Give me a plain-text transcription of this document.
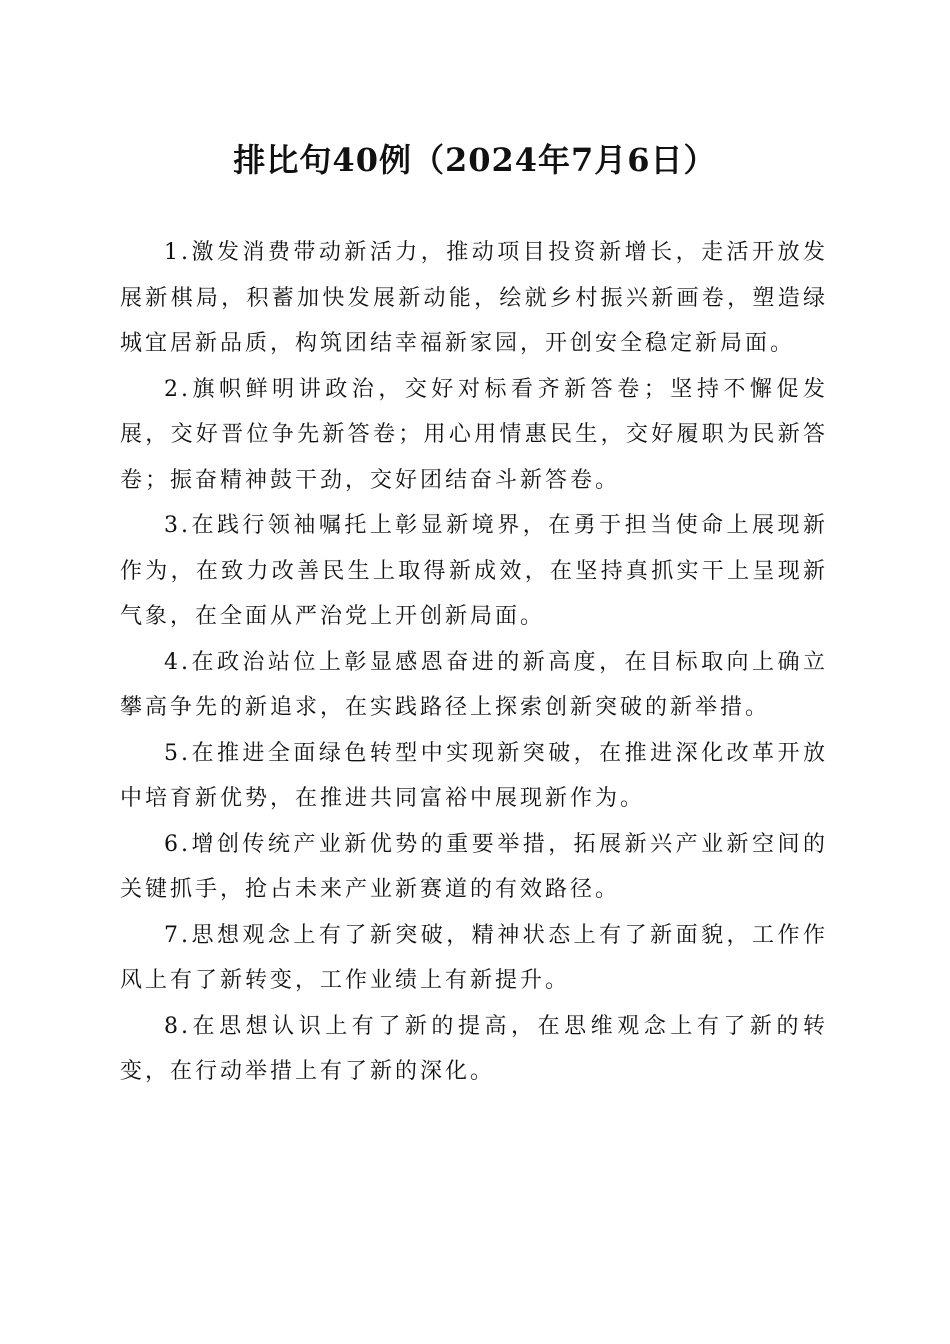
排比句40例（2024年7月6日）

1.激发消费带动新活力，推动项目投资新增长，走活开放发展新棋局，积蓄加快发展新动能，绘就乡村振兴新画卷，塑造绿城宜居新品质，构筑团结幸福新家园，开创安全稳定新局面。

2.旗帜鲜明讲政治，交好对标看齐新答卷；坚持不懈促发展，交好晋位争先新答卷；用心用情惠民生，交好履职为民新答卷；振奋精神鼓干劲，交好团结奋斗新答卷。

3.在践行领袖嘱托上彰显新境界，在勇于担当使命上展现新作为，在致力改善民生上取得新成效，在坚持真抓实干上呈现新气象，在全面从严治党上开创新局面。

4.在政治站位上彰显感恩奋进的新高度，在目标取向上确立攀高争先的新追求，在实践路径上探索创新突破的新举措。

5.在推进全面绿色转型中实现新突破，在推进深化改革开放中培育新优势，在推进共同富裕中展现新作为。

6.增创传统产业新优势的重要举措，拓展新兴产业新空间的关键抓手，抢占未来产业新赛道的有效路径。

7.思想观念上有了新突破，精神状态上有了新面貌，工作作风上有了新转变，工作业绩上有新提升。

8.在思想认识上有了新的提高，在思维观念上有了新的转变，在行动举措上有了新的深化。
